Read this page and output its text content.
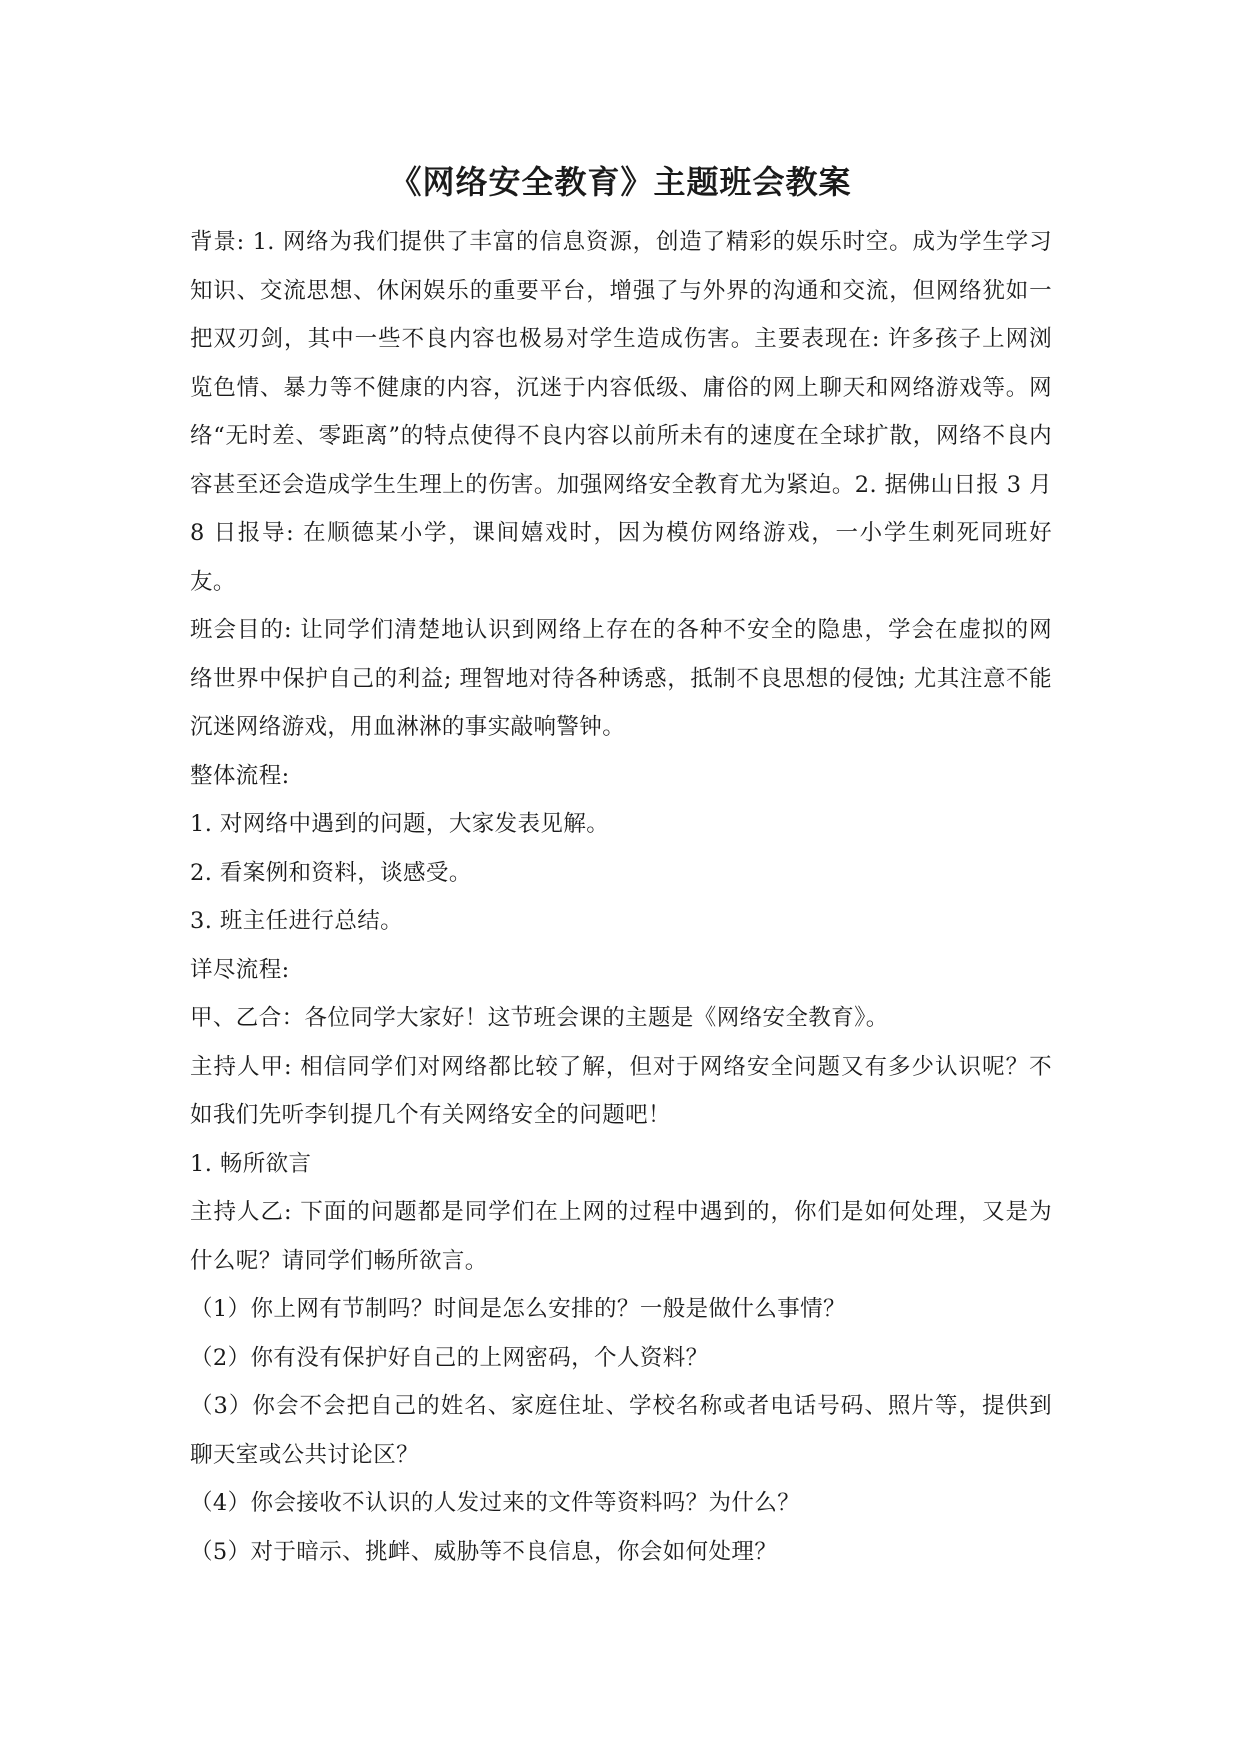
《网络安全教育》主题班会教案

背景: 1. 网络为我们提供了丰富的信息资源，创造了精彩的娱乐时空。成为学生学习知识、交流思想、休闲娱乐的重要平台，增强了与外界的沟通和交流，但网络犹如一把双刃剑，其中一些不良内容也极易对学生造成伤害。主要表现在: 许多孩子上网浏览色情、暴力等不健康的内容，沉迷于内容低级、庸俗的网上聊天和网络游戏等。网络“无时差、零距离”的特点使得不良内容以前所未有的速度在全球扩散，网络不良内容甚至还会造成学生生理上的伤害。加强网络安全教育尤为紧迫。2. 据佛山日报 3 月 8 日报导: 在顺德某小学，课间嬉戏时，因为模仿网络游戏，一小学生刺死同班好友。

班会目的: 让同学们清楚地认识到网络上存在的各种不安全的隐患，学会在虚拟的网络世界中保护自己的利益; 理智地对待各种诱惑，抵制不良思想的侵蚀; 尤其注意不能沉迷网络游戏，用血淋淋的事实敲响警钟。

整体流程:

1. 对网络中遇到的问题，大家发表见解。

2. 看案例和资料，谈感受。

3. 班主任进行总结。

详尽流程:

甲、乙合：各位同学大家好！这节班会课的主题是《网络安全教育》。

主持人甲: 相信同学们对网络都比较了解，但对于网络安全问题又有多少认识呢？不如我们先听李钊提几个有关网络安全的问题吧！

1. 畅所欲言

主持人乙: 下面的问题都是同学们在上网的过程中遇到的，你们是如何处理，又是为什么呢？请同学们畅所欲言。

（1）你上网有节制吗？时间是怎么安排的？一般是做什么事情？

（2）你有没有保护好自己的上网密码，个人资料？

（3）你会不会把自己的姓名、家庭住址、学校名称或者电话号码、照片等，提供到聊天室或公共讨论区？

（4）你会接收不认识的人发过来的文件等资料吗？为什么？

（5）对于暗示、挑衅、威胁等不良信息，你会如何处理？
